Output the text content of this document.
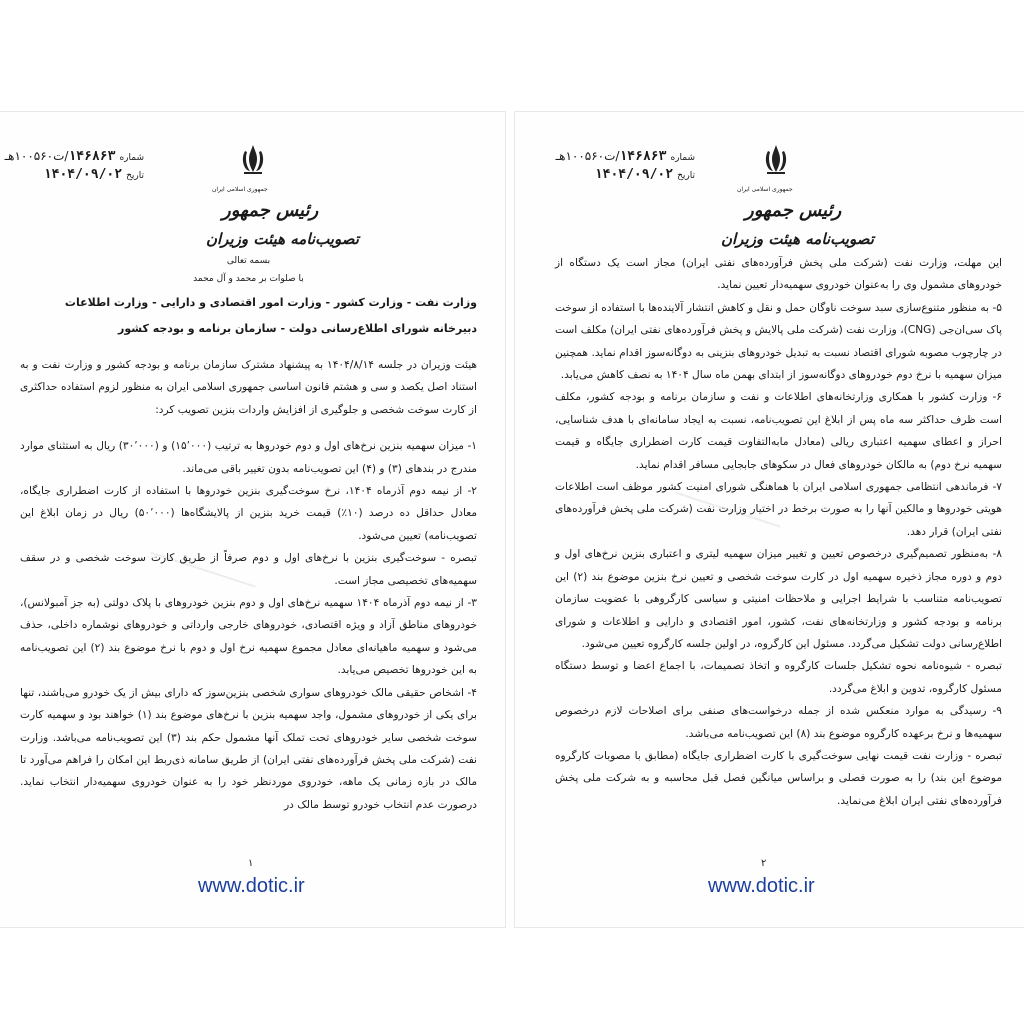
ـــــــــــــــــ
جمهوری اسلامی ایران
رئیس جمهور
تصویب‌نامه هیئت وزیران
شماره۱۴۶۸۶۳/ت۱۰۰۵۶۰هـ
تاریخ۱۴۰۴/۰۹/۰۲

بسمه تعالی

با صلوات بر محمد و آل محمد

وزارت نفت - وزارت کشور - وزارت امور اقتصادی و دارایی - وزارت اطلاعات

دبیرخانه شورای اطلاع‌رسانی دولت - سازمان برنامه و بودجه کشور

هیئت وزیران در جلسه ۱۴۰۴/۸/۱۴ به پیشنهاد مشترک سازمان برنامه و بودجه کشور و وزارت نفت و به استناد اصل یکصد و سی و هشتم قانون اساسی جمهوری اسلامی ایران به منظور لزوم استفاده حداکثری از کارت سوخت شخصی و جلوگیری از افزایش واردات بنزین تصویب کرد:

۱- میزان سهمیه بنزین نرخ‌های اول و دوم خودروها به ترتیب (۱۵٬۰۰۰) و (۳۰٬۰۰۰) ریال به استثنای موارد مندرج در بندهای (۳) و (۴) این تصویب‌نامه بدون تغییر باقی می‌ماند.

۲- از نیمه دوم آذرماه ۱۴۰۴، نرخ سوخت‌گیری بنزین خودروها با استفاده از کارت اضطراری جایگاه، معادل حداقل ده درصد (۱۰٪) قیمت خرید بنزین از پالایشگاه‌ها (۵۰٬۰۰۰) ریال در زمان ابلاغ این تصویب‌نامه) تعیین می‌شود.

تبصره - سوخت‌گیری بنزین با نرخ‌های اول و دوم صرفاً از طریق کارت سوخت شخصی و در سقف سهمیه‌های تخصیصی مجاز است.

۳- از نیمه دوم آذرماه ۱۴۰۴ سهمیه نرخ‌های اول و دوم بنزین خودروهای با پلاک دولتی (به جز آمبولانس)، خودروهای مناطق آزاد و ویژه اقتصادی، خودروهای خارجی وارداتی و خودروهای نوشماره داخلی، حذف می‌شود و سهمیه ماهیانه‌ای معادل مجموع سهمیه نرخ اول و دوم با نرخ موضوع بند (۲) این تصویب‌نامه به این خودروها تخصیص می‌یابد.

۴- اشخاص حقیقی مالک خودروهای سواری شخصی بنزین‌سوز که دارای بیش از یک خودرو می‌باشند، تنها برای یکی از خودروهای مشمول، واجد سهمیه بنزین با نرخ‌های موضوع بند (۱) خواهند بود و سهمیه کارت سوخت شخصی سایر خودروهای تحت تملک آنها مشمول حکم بند (۳) این تصویب‌نامه می‌باشد. وزارت نفت (شرکت ملی پخش فرآورده‌های نفتی ایران) از طریق سامانه ذی‌ربط این امکان را فراهم می‌آورد تا مالک در بازه زمانی یک ماهه، خودروی موردنظر خود را به عنوان خودروی سهمیه‌دار انتخاب نماید. درصورت عدم انتخاب خودرو توسط مالک در

۱
www.dotic.ir
ـــــــــــــــــ
جمهوری اسلامی ایران
رئیس جمهور
تصویب‌نامه هیئت وزیران
شماره۱۴۶۸۶۳/ت۱۰۰۵۶۰هـ
تاریخ۱۴۰۴/۰۹/۰۲

این مهلت، وزارت نفت (شرکت ملی پخش فرآورده‌های نفتی ایران) مجاز است یک دستگاه از خودروهای مشمول وی را به‌عنوان خودروی سهمیه‌دار تعیین نماید.

۵- به منظور متنوع‌سازی سبد سوخت ناوگان حمل و نقل و کاهش انتشار آلاینده‌ها با استفاده از سوخت پاک سی‌ان‌جی (CNG)، وزارت نفت (شرکت ملی پالایش و پخش فرآورده‌های نفتی ایران) مکلف است در چارچوب مصوبه شورای اقتصاد نسبت به تبدیل خودروهای بنزینی به دوگانه‌سوز اقدام نماید. همچنین میزان سهمیه با نرخ دوم خودروهای دوگانه‌سوز از ابتدای بهمن ماه سال ۱۴۰۴ به نصف کاهش می‌یابد.

۶- وزارت کشور با همکاری وزارتخانه‌های اطلاعات و نفت و سازمان برنامه و بودجه کشور، مکلف است ظرف حداکثر سه ماه پس از ابلاغ این تصویب‌نامه، نسبت به ایجاد سامانه‌ای با هدف شناسایی، احراز و اعطای سهمیه اعتباری ریالی (معادل مابه‌التفاوت قیمت کارت اضطراری جایگاه و قیمت سهمیه نرخ دوم) به مالکان خودروهای فعال در سکوهای جابجایی مسافر اقدام نماید.

۷- فرماندهی انتظامی جمهوری اسلامی ایران با هماهنگی شورای امنیت کشور موظف است اطلاعات هویتی خودروها و مالکین آنها را به صورت برخط در اختیار وزارت نفت (شرکت ملی پخش فرآورده‌های نفتی ایران) قرار دهد.

۸- به‌منظور تصمیم‌گیری درخصوص تعیین و تغییر میزان سهمیه لیتری و اعتباری بنزین نرخ‌های اول و دوم و دوره مجاز ذخیره سهمیه اول در کارت سوخت شخصی و تعیین نرخ بنزین موضوع بند (۲) این تصویب‌نامه متناسب با شرایط اجرایی و ملاحظات امنیتی و سیاسی کارگروهی با عضویت سازمان برنامه و بودجه کشور و وزارتخانه‌های نفت، کشور، امور اقتصادی و دارایی و اطلاعات و شورای اطلاع‌رسانی دولت تشکیل می‌گردد. مسئول این کارگروه، در اولین جلسه کارگروه تعیین می‌شود.

تبصره - شیوه‌نامه نحوه تشکیل جلسات کارگروه و اتخاذ تصمیمات، با اجماع اعضا و توسط دستگاه مسئول کارگروه، تدوین و ابلاغ می‌گردد.

۹- رسیدگی به موارد منعکس شده از جمله درخواست‌های صنفی برای اصلاحات لازم درخصوص سهمیه‌ها و نرخ برعهده کارگروه موضوع بند (۸) این تصویب‌نامه می‌باشد.

تبصره - وزارت نفت قیمت نهایی سوخت‌گیری با کارت اضطراری جایگاه (مطابق با مصوبات کارگروه موضوع این بند) را به صورت فصلی و براساس میانگین فصل قبل محاسبه و به شرکت ملی پخش فرآورده‌های نفتی ایران ابلاغ می‌نماید.

۲
www.dotic.ir
